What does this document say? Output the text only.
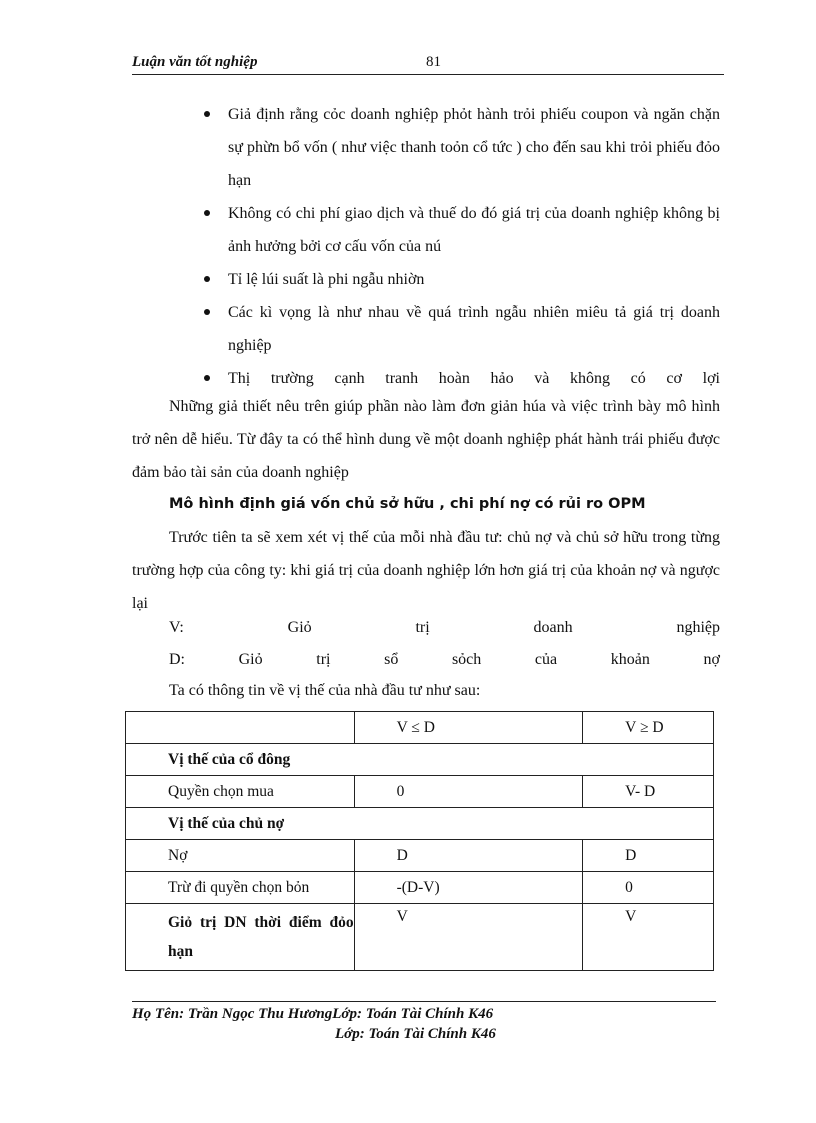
Luận văn tốt nghiệp	81
Giả định rằng cỏc doanh nghiệp phỏt hành trỏi phiếu coupon và ngăn chặn sự phừn bổ vốn ( như việc thanh toỏn cổ tức ) cho đến sau khi trỏi phiếu đỏo hạn
Không có chi phí giao dịch và thuế do đó giá trị của doanh nghiệp không bị ảnh hưởng bởi cơ cấu vốn của nú
Tỉ lệ lúi suất là phi ngẫu nhiờn
Các kì vọng là như nhau về quá trình ngẫu nhiên miêu tả giá trị doanh nghiệp
Thị trường cạnh tranh hoàn hảo và không có cơ lợi

Những giả thiết nêu trên giúp phần nào làm đơn giản húa và việc trình bày mô hình trở nên dễ hiểu. Từ đây ta có thể hình dung về một doanh nghiệp phát hành trái phiếu được đảm bảo tài sản của doanh nghiệp

Mô hình định giá vốn chủ sở hữu , chi phí nợ có rủi ro OPM

Trước tiên ta sẽ xem xét vị thế của mỗi nhà đầu tư: chủ nợ và chủ sở hữu trong từng trường hợp của công ty: khi giá trị của doanh nghiệp lớn hơn giá trị của khoản nợ và ngược lại

V:	Giỏ	trị	doanh	nghiệp
D:	Giỏ	trị	sổ	sỏch	của	khoản	nợ

Ta có thông tin về vị thế của nhà đầu tư như sau:

	V ≤ D	V ≥ D
Vị thế của cổ đông		
Quyền chọn mua	0	V- D
Vị thế của chủ nợ		
Nợ	D	D
Trừ đi quyền chọn bỏn	-(D-V)	0

Giỏ trị DN thời điểm đỏo hạn	V	V
Họ Tên: Trần Ngọc Thu HươngLớp: Toán Tài Chính K46
Lớp: Toán Tài Chính K46
